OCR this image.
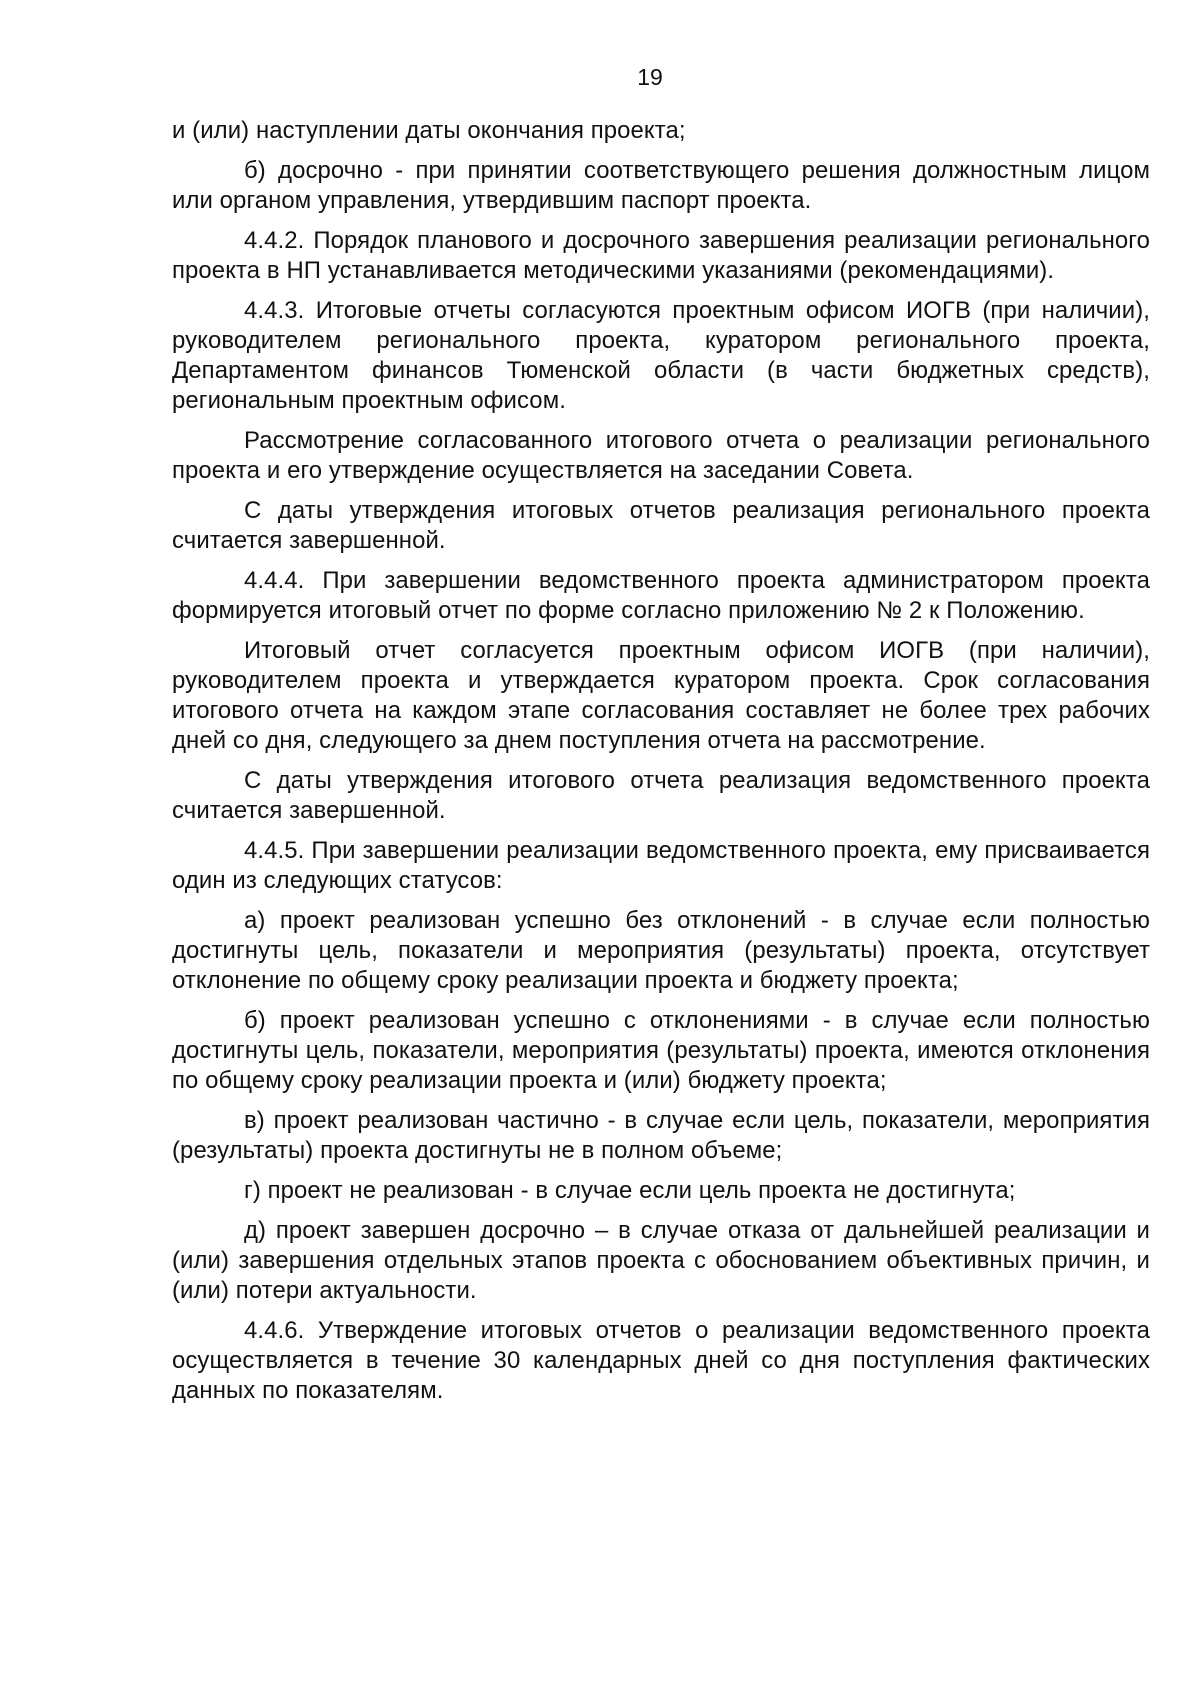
19

и (или) наступлении даты окончания проекта;

б) досрочно - при принятии соответствующего решения должностным лицом или органом управления, утвердившим паспорт проекта.

4.4.2. Порядок планового и досрочного завершения реализации регионального проекта в НП устанавливается методическими указаниями (рекомендациями).

4.4.3. Итоговые отчеты согласуются проектным офисом ИОГВ (при наличии), руководителем регионального проекта, куратором регионального проекта, Департаментом финансов Тюменской области (в части бюджетных средств), региональным проектным офисом.

Рассмотрение согласованного итогового отчета о реализации регионального проекта и его утверждение осуществляется на заседании Совета.

С даты утверждения итоговых отчетов реализация регионального проекта считается завершенной.

4.4.4. При завершении ведомственного проекта администратором проекта формируется итоговый отчет по форме согласно приложению № 2 к Положению.

Итоговый отчет согласуется проектным офисом ИОГВ (при наличии), руководителем проекта и утверждается куратором проекта. Срок согласования итогового отчета на каждом этапе согласования составляет не более трех рабочих дней со дня, следующего за днем поступления отчета на рассмотрение.

С даты утверждения итогового отчета реализация ведомственного проекта считается завершенной.

4.4.5. При завершении реализации ведомственного проекта, ему присваивается один из следующих статусов:

а) проект реализован успешно без отклонений - в случае если полностью достигнуты цель, показатели и мероприятия (результаты) проекта, отсутствует отклонение по общему сроку реализации проекта и бюджету проекта;

б) проект реализован успешно с отклонениями - в случае если полностью достигнуты цель, показатели, мероприятия (результаты) проекта, имеются отклонения по общему сроку реализации проекта и (или) бюджету проекта;

в) проект реализован частично - в случае если цель, показатели, мероприятия (результаты) проекта достигнуты не в полном объеме;

г) проект не реализован - в случае если цель проекта не достигнута;

д) проект завершен досрочно – в случае отказа от дальнейшей реализации и (или) завершения отдельных этапов проекта с обоснованием объективных причин, и (или) потери актуальности.

4.4.6. Утверждение итоговых отчетов о реализации ведомственного проекта осуществляется в течение 30 календарных дней со дня поступления фактических данных по показателям.
